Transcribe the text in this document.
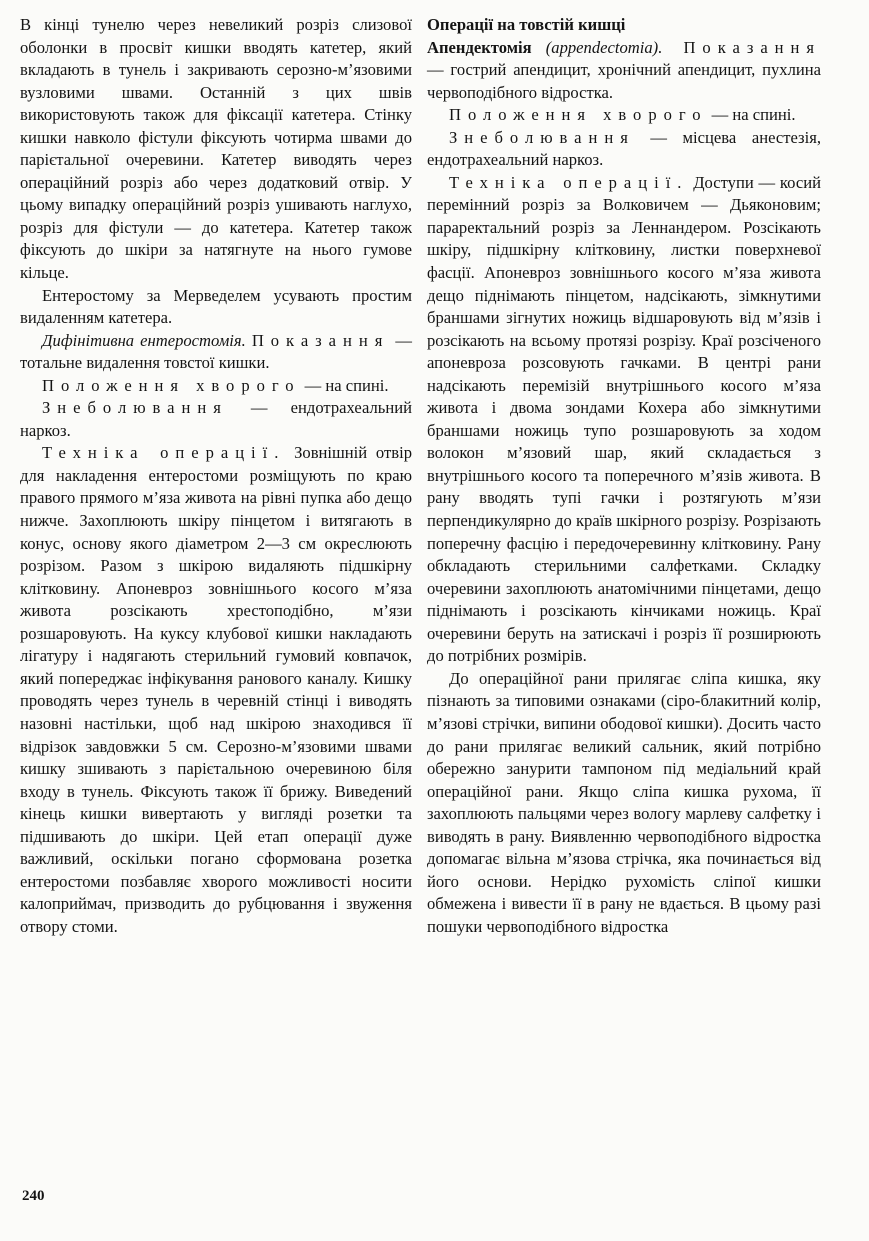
В кінці тунелю через невеликий розріз слизової оболонки в просвіт кишки вводять катетер, який вкладають в тунель і закривають серозно-м’язовими вузловими швами. Останній з цих швів використовують також для фіксації катетера. Стінку кишки навколо фістули фіксують чотирма швами до парієтальної очеревини. Катетер виводять через операційний розріз або через додатковий отвір. У цьому випадку операційний розріз ушивають наглухо, розріз для фістули — до катетера. Катетер також фіксують до шкіри за натягнуте на нього гумове кільце.

Ентеростому за Мерведелем усувають простим видаленням катетера.

Дифінітивна ентеростомія. Показання — тотальне видалення товстої кишки.

Положення хворого — на спині.

Знеболювання — ендотрахеальний наркоз.

Техніка операції. Зовнішній отвір для накладення ентеростоми розміщують по краю правого прямого м’яза живота на рівні пупка або дещо нижче. Захоплюють шкіру пінцетом і витягають в конус, основу якого діаметром 2—3 см окреслюють розрізом. Разом з шкірою видаляють підшкірну клітковину. Апоневроз зовнішнього косого м’яза живота розсікають хрестоподібно, м’язи розшаровують. На куксу клубової кишки накладають лігатуру і надягають стерильний гумовий ковпачок, який попереджає інфікування ранового каналу. Кишку проводять через тунель в черевній стінці і виводять назовні настільки, щоб над шкірою знаходився її відрізок завдовжки 5 см. Серозно-м’язовими швами кишку зшивають з парієтальною очеревиною біля входу в тунель. Фіксують також її брижу. Виведений кінець кишки вивертають у вигляді розетки та підшивають до шкіри. Цей етап операції дуже важливий, оскільки погано сформована розетка ентеростоми позбавляє хворого можливості носити калоприймач, призводить до рубцювання і звуження отвору стоми.

Операції на товстій кишці

Апендектомія (appendectomia). Показання — гострий апендицит, хронічний апендицит, пухлина червоподібного відростка.

Положення хворого — на спині.

Знеболювання — місцева анестезія, ендотрахеальний наркоз.

Техніка операції. Доступи — косий перемінний розріз за Волковичем — Дьяконовим; параректальний розріз за Леннандером. Розсікають шкіру, підшкірну клітковину, листки поверхневої фасції. Апоневроз зовнішнього косого м’яза живота дещо піднімають пінцетом, надсікають, зімкнутими браншами зігнутих ножиць відшаровують від м’язів і розсікають на всьому протязі розрізу. Краї розсіченого апоневроза розсовують гачками. В центрі рани надсікають перемізій внутрішнього косого м’яза живота і двома зондами Кохера або зімкнутими браншами ножиць тупо розшаровують за ходом волокон м’язовий шар, який складається з внутрішнього косого та поперечного м’язів живота. В рану вводять тупі гачки і розтягують м’язи перпендикулярно до країв шкірного розрізу. Розрізають поперечну фасцію і передочеревинну клітковину. Рану обкладають стерильними салфетками. Складку очеревини захоплюють анатомічними пінцетами, дещо піднімають і розсікають кінчиками ножиць. Краї очеревини беруть на затискачі і розріз її розширюють до потрібних розмірів.

До операційної рани прилягає сліпа кишка, яку пізнають за типовими ознаками (сіро-блакитний колір, м’язові стрічки, випини ободової кишки). Досить часто до рани прилягає великий сальник, який потрібно обережно занурити тампоном під медіальний край операційної рани. Якщо сліпа кишка рухома, її захоплюють пальцями через вологу марлеву салфетку і виводять в рану. Виявленню червоподібного відростка допомагає вільна м’язова стрічка, яка починається від його основи. Нерідко рухомість сліпої кишки обмежена і вивести її в рану не вдається. В цьому разі пошуки червоподібного відростка

240
